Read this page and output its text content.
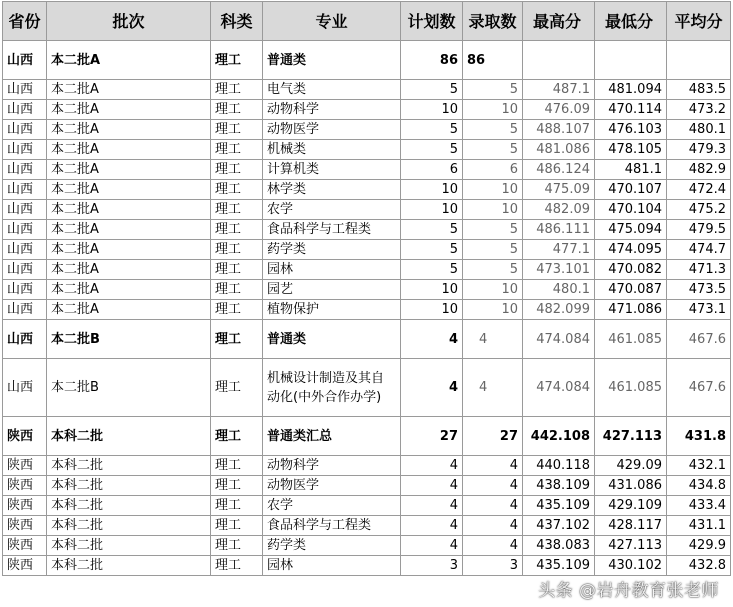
省份	批次	科类	专业	计划数	录取数	最高分	最低分	平均分
山西	本二批A	理工	普通类	86	86			
山西	本二批A	理工	电气类	5	5	487.1	481.094	483.5
山西	本二批A	理工	动物科学	10	10	476.09	470.114	473.2
山西	本二批A	理工	动物医学	5	5	488.107	476.103	480.1
山西	本二批A	理工	机械类	5	5	481.086	478.105	479.3
山西	本二批A	理工	计算机类	6	6	486.124	481.1	482.9
山西	本二批A	理工	林学类	10	10	475.09	470.107	472.4
山西	本二批A	理工	农学	10	10	482.09	470.104	475.2
山西	本二批A	理工	食品科学与工程类	5	5	486.111	475.094	479.5
山西	本二批A	理工	药学类	5	5	477.1	474.095	474.7
山西	本二批A	理工	园林	5	5	473.101	470.082	471.3
山西	本二批A	理工	园艺	10	10	480.1	470.087	473.5
山西	本二批A	理工	植物保护	10	10	482.099	471.086	473.1
山西	本二批B	理工	普通类	4	4	474.084	461.085	467.6
山西	本二批B	理工	机械设计制造及其自动化(中外合作办学)	4	4	474.084	461.085	467.6
陕西	本科二批	理工	普通类汇总	27	27	442.108	427.113	431.8
陕西	本科二批	理工	动物科学	4	4	440.118	429.09	432.1
陕西	本科二批	理工	动物医学	4	4	438.109	431.086	434.8
陕西	本科二批	理工	农学	4	4	435.109	429.109	433.4
陕西	本科二批	理工	食品科学与工程类	4	4	437.102	428.117	431.1
陕西	本科二批	理工	药学类	4	4	438.083	427.113	429.9
陕西	本科二批	理工	园林	3	3	435.109	430.102	432.8
头条 @岩舟教育张老师
